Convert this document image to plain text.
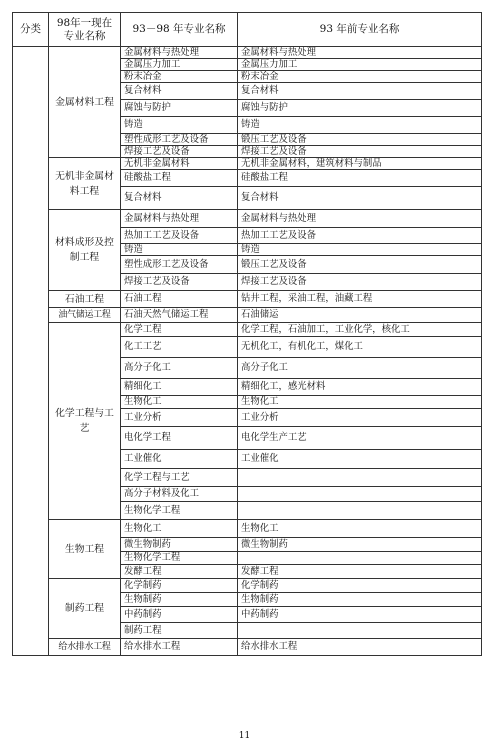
分类	98年一现在专业名称	93－98 年专业名称	93 年前专业名称
	金属材料工程	金属材料与热处理	金属材料与热处理
		金属压力加工	金属压力加工
		粉末冶金	粉末冶金
		复合材料	复合材料
		腐蚀与防护	腐蚀与防护
		铸造	铸造
		塑性成形工艺及设备	锻压工艺及设备
		焊接工艺及设备	焊接工艺及设备
	无机非金属材料工程	无机非金属材料	无机非金属材料，建筑材料与制品
		硅酸盐工程	硅酸盐工程
		复合材料	复合材料
	材料成形及控制工程	金属材料与热处理	金属材料与热处理
		热加工工艺及设备	热加工工艺及设备
		铸造	铸造
		塑性成形工艺及设备	锻压工艺及设备
		焊接工艺及设备	焊接工艺及设备
	石油工程	石油工程	钻井工程，采油工程，油藏工程
	油气储运工程	石油天然气储运工程	石油储运
	化学工程与工艺	化学工程	化学工程，石油加工，工业化学，核化工
		化工工艺	无机化工，有机化工，煤化工
		高分子化工	高分子化工
		精细化工	精细化工，感光材料
		生物化工	生物化工
		工业分析	工业分析
		电化学工程	电化学生产工艺
		工业催化	工业催化
		化学工程与工艺	
		高分子材料及化工	
		生物化学工程	
	生物工程	生物化工	生物化工
		微生物制药	微生物制药
		生物化学工程	
		发酵工程	发酵工程
	制药工程	化学制药	化学制药
		生物制药	生物制药
		中药制药	中药制药
		制药工程	
	给水排水工程	给水排水工程	给水排水工程
11
